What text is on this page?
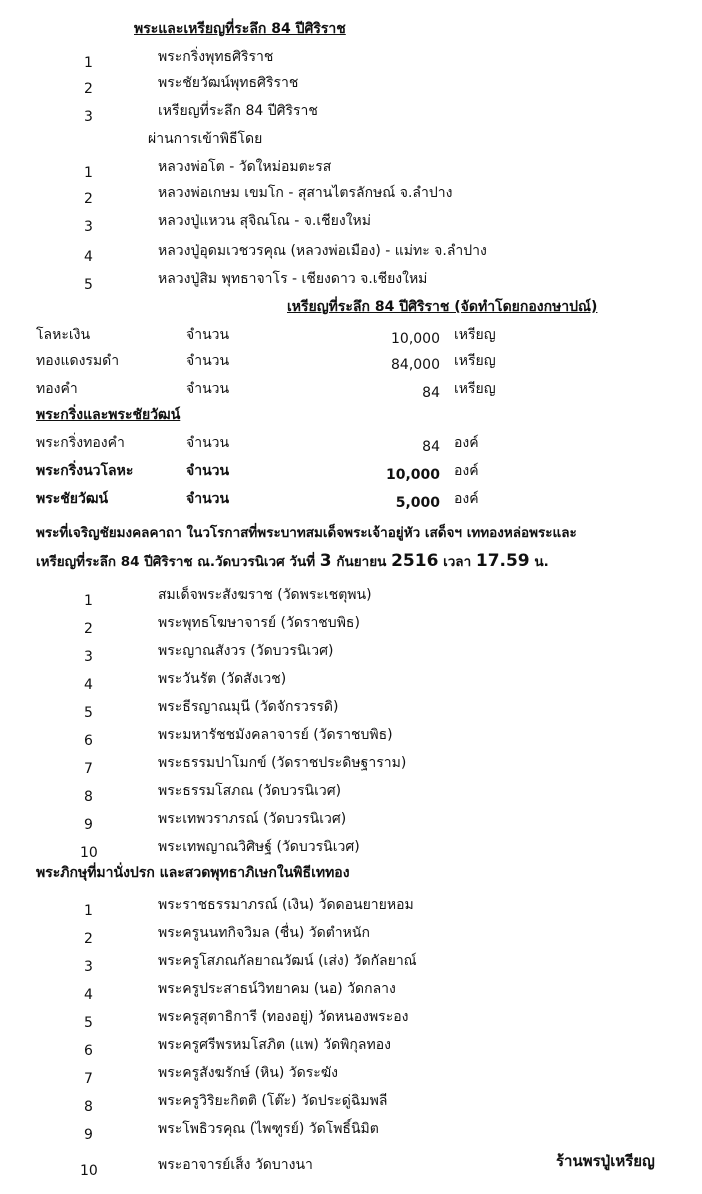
พระและเหรียญที่ระลึก 84 ปีศิริราช
1	พระกริ่งพุทธศิริราช
2	พระชัยวัฒน์พุทธศิริราช
3	เหรียญที่ระลึก 84 ปีศิริราช
ผ่านการเข้าพิธีโดย
1	หลวงพ่อโต - วัดใหม่อมตะรส
2	หลวงพ่อเกษม เขมโก - สุสานไตรลักษณ์ จ.ลำปาง
3	หลวงปู่แหวน สุจิณโณ - จ.เชียงใหม่
4	หลวงปู่อุดมเวชวรคุณ (หลวงพ่อเมือง) - แม่ทะ จ.ลำปาง
5	หลวงปู่สิม พุทธาจาโร - เชียงดาว จ.เชียงใหม่
เหรียญที่ระลึก 84 ปีศิริราช (จัดทำโดยกองกษาปณ์)
โลหะเงิน	จำนวน	10,000 เหรียญ
ทองแดงรมดำ	จำนวน	84,000 เหรียญ
ทองคำ	จำนวน	84 เหรียญ
พระกริ่งและพระชัยวัฒน์
พระกริ่งทองคำ	จำนวน	84 องค์
พระกริ่งนวโลหะ	จำนวน	10,000 องค์
พระชัยวัฒน์	จำนวน	5,000 องค์
พระที่เจริญชัยมงคลคาถา ในวโรกาสที่พระบาทสมเด็จพระเจ้าอยู่หัว เสด็จฯ เททองหล่อพระและ
เหรียญที่ระลึก 84 ปีศิริราช ณ.วัดบวรนิเวศ วันที่ 3 กันยายน 2516 เวลา 17.59 น.
1	สมเด็จพระสังฆราช (วัดพระเชตุพน)
2	พระพุทธโฆษาจารย์ (วัดราชบพิธ)
3	พระญาณสังวร (วัดบวรนิเวศ)
4	พระวันรัต (วัดสังเวช)
5	พระธีรญาณมุนี (วัดจักรวรรดิ)
6	พระมหารัชชมังคลาจารย์ (วัดราชบพิธ)
7	พระธรรมปาโมกข์ (วัดราชประดิษฐาราม)
8	พระธรรมโสภณ (วัดบวรนิเวศ)
9	พระเทพวราภรณ์ (วัดบวรนิเวศ)
10	พระเทพญาณวิศิษฐ์ (วัดบวรนิเวศ)
พระภิกษุที่มานั่งปรก และสวดพุทธาภิเษกในพิธีเททอง
1	พระราชธรรมาภรณ์ (เงิน) วัดดอนยายหอม
2	พระครูนนทกิจวิมล (ชื่น) วัดตำหนัก
3	พระครูโสภณกัลยาณวัฒน์ (เส่ง) วัดกัลยาณ์
4	พระครูประสาธน์วิทยาคม (นอ) วัดกลาง
5	พระครูสุตาธิการี (ทองอยู่) วัดหนองพระอง
6	พระครูศรีพรหมโสภิต (แพ) วัดพิกุลทอง
7	พระครูสังฆรักษ์ (หิน) วัดระฆัง
8	พระครูวิริยะกิตติ (โต๊ะ) วัดประดู่ฉิมพลี
9	พระโพธิวรคุณ (ไพฑูรย์) วัดโพธิ์นิมิต
10	พระอาจารย์เส็ง วัดบางนา	ร้านพรปู่เหรียญ
